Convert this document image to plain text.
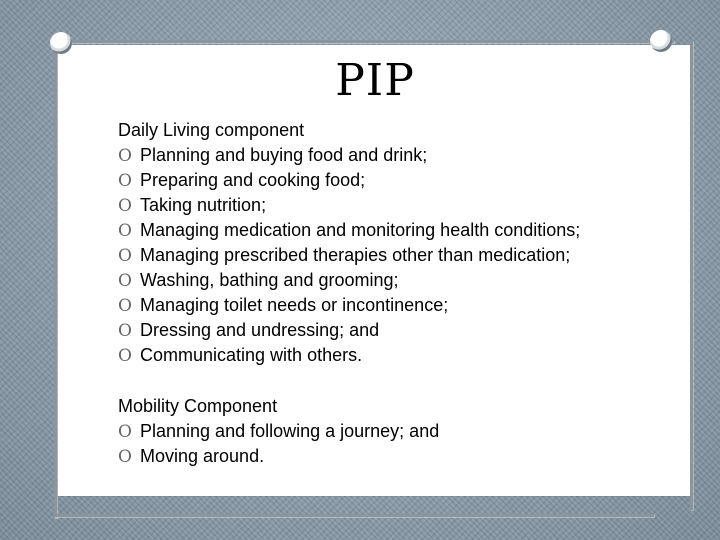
PIP
Daily Living component
O Planning and buying food and drink;
O Preparing and cooking food;
O Taking nutrition;
O Managing medication and monitoring health conditions;
O Managing prescribed therapies other than medication;
O Washing, bathing and grooming;
O Managing toilet needs or incontinence;
O Dressing and undressing; and
O Communicating with others.
Mobility Component
O Planning and following a journey; and
O Moving around.
